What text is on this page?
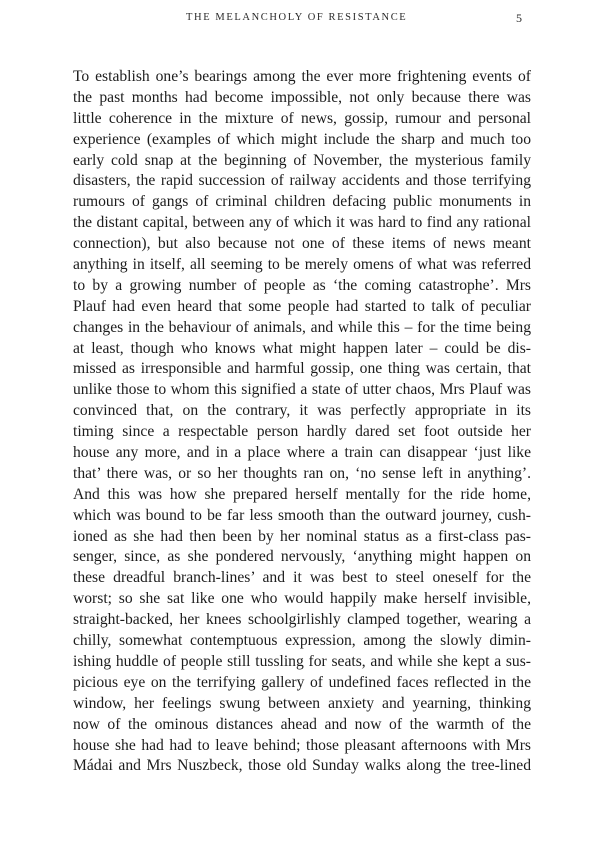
THE MELANCHOLY OF RESISTANCE	5
To establish one’s bearings among the ever more frightening events of
the past months had become impossible, not only because there was
little coherence in the mixture of news, gossip, rumour and personal
experience (examples of which might include the sharp and much too
early cold snap at the beginning of November, the mysterious family
disasters, the rapid succession of railway accidents and those terrifying
rumours of gangs of criminal children defacing public monuments in
the distant capital, between any of which it was hard to find any rational
connection), but also because not one of these items of news meant
anything in itself, all seeming to be merely omens of what was referred
to by a growing number of people as ‘the coming catastrophe’. Mrs
Plauf had even heard that some people had started to talk of peculiar
changes in the behaviour of animals, and while this – for the time being
at least, though who knows what might happen later – could be dis-
missed as irresponsible and harmful gossip, one thing was certain, that
unlike those to whom this signified a state of utter chaos, Mrs Plauf was
convinced that, on the contrary, it was perfectly appropriate in its
timing since a respectable person hardly dared set foot outside her
house any more, and in a place where a train can disappear ‘just like
that’ there was, or so her thoughts ran on, ‘no sense left in anything’.
And this was how she prepared herself mentally for the ride home,
which was bound to be far less smooth than the outward journey, cush-
ioned as she had then been by her nominal status as a first-class pas-
senger, since, as she pondered nervously, ‘anything might happen on
these dreadful branch-lines’ and it was best to steel oneself for the
worst; so she sat like one who would happily make herself invisible,
straight-backed, her knees schoolgirlishly clamped together, wearing a
chilly, somewhat contemptuous expression, among the slowly dimin-
ishing huddle of people still tussling for seats, and while she kept a sus-
picious eye on the terrifying gallery of undefined faces reflected in the
window, her feelings swung between anxiety and yearning, thinking
now of the ominous distances ahead and now of the warmth of the
house she had had to leave behind; those pleasant afternoons with Mrs
Mádai and Mrs Nuszbeck, those old Sunday walks along the tree-lined
